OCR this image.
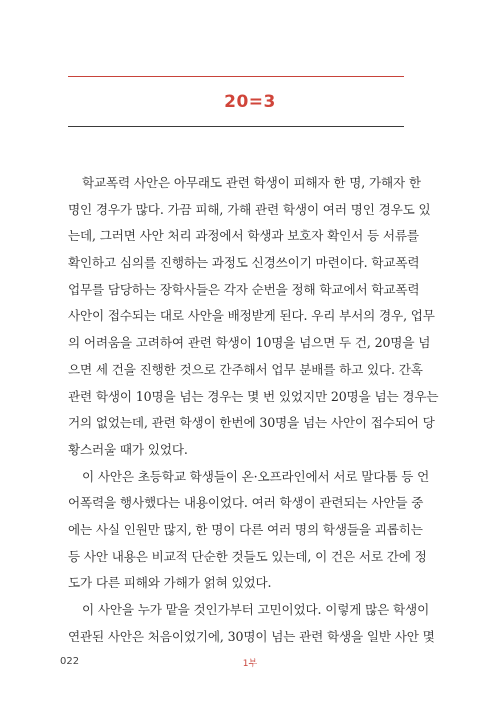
20=3
학교폭력 사안은 아무래도 관련 학생이 피해자 한 명, 가해자 한
명인 경우가 많다. 가끔 피해, 가해 관련 학생이 여러 명인 경우도 있
는데, 그러면 사안 처리 과정에서 학생과 보호자 확인서 등 서류를
확인하고 심의를 진행하는 과정도 신경쓰이기 마련이다. 학교폭력
업무를 담당하는 장학사들은 각자 순번을 정해 학교에서 학교폭력
사안이 접수되는 대로 사안을 배정받게 된다. 우리 부서의 경우, 업무
의 어려움을 고려하여 관련 학생이 10명을 넘으면 두 건, 20명을 넘
으면 세 건을 진행한 것으로 간주해서 업무 분배를 하고 있다. 간혹
관련 학생이 10명을 넘는 경우는 몇 번 있었지만 20명을 넘는 경우는
거의 없었는데, 관련 학생이 한번에 30명을 넘는 사안이 접수되어 당
황스러울 때가 있었다.
이 사안은 초등학교 학생들이 온·오프라인에서 서로 말다툼 등 언
어폭력을 행사했다는 내용이었다. 여러 학생이 관련되는 사안들 중
에는 사실 인원만 많지, 한 명이 다른 여러 명의 학생들을 괴롭히는
등 사안 내용은 비교적 단순한 것들도 있는데, 이 건은 서로 간에 정
도가 다른 피해와 가해가 얽혀 있었다.
이 사안을 누가 맡을 것인가부터 고민이었다. 이렇게 많은 학생이
연관된 사안은 처음이었기에, 30명이 넘는 관련 학생을 일반 사안 몇
022	1부
